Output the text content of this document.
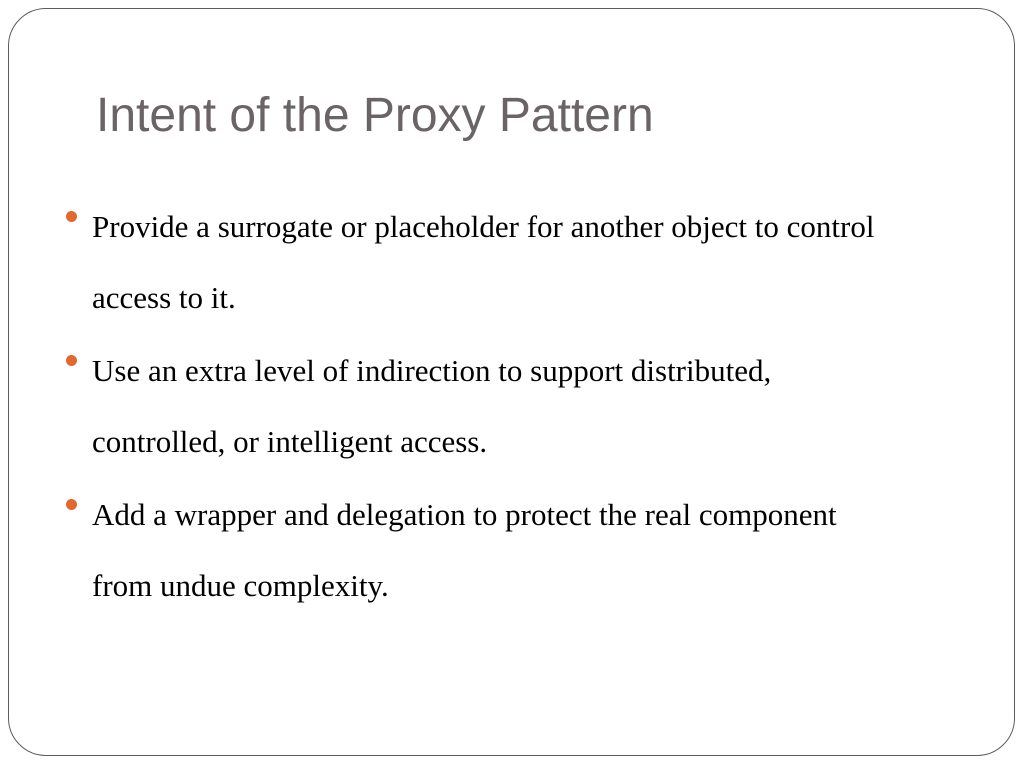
Intent of the Proxy Pattern
Provide a surrogate or placeholder for another object to control access to it.
Use an extra level of indirection to support distributed, controlled, or intelligent access.
Add a wrapper and delegation to protect the real component from undue complexity.
